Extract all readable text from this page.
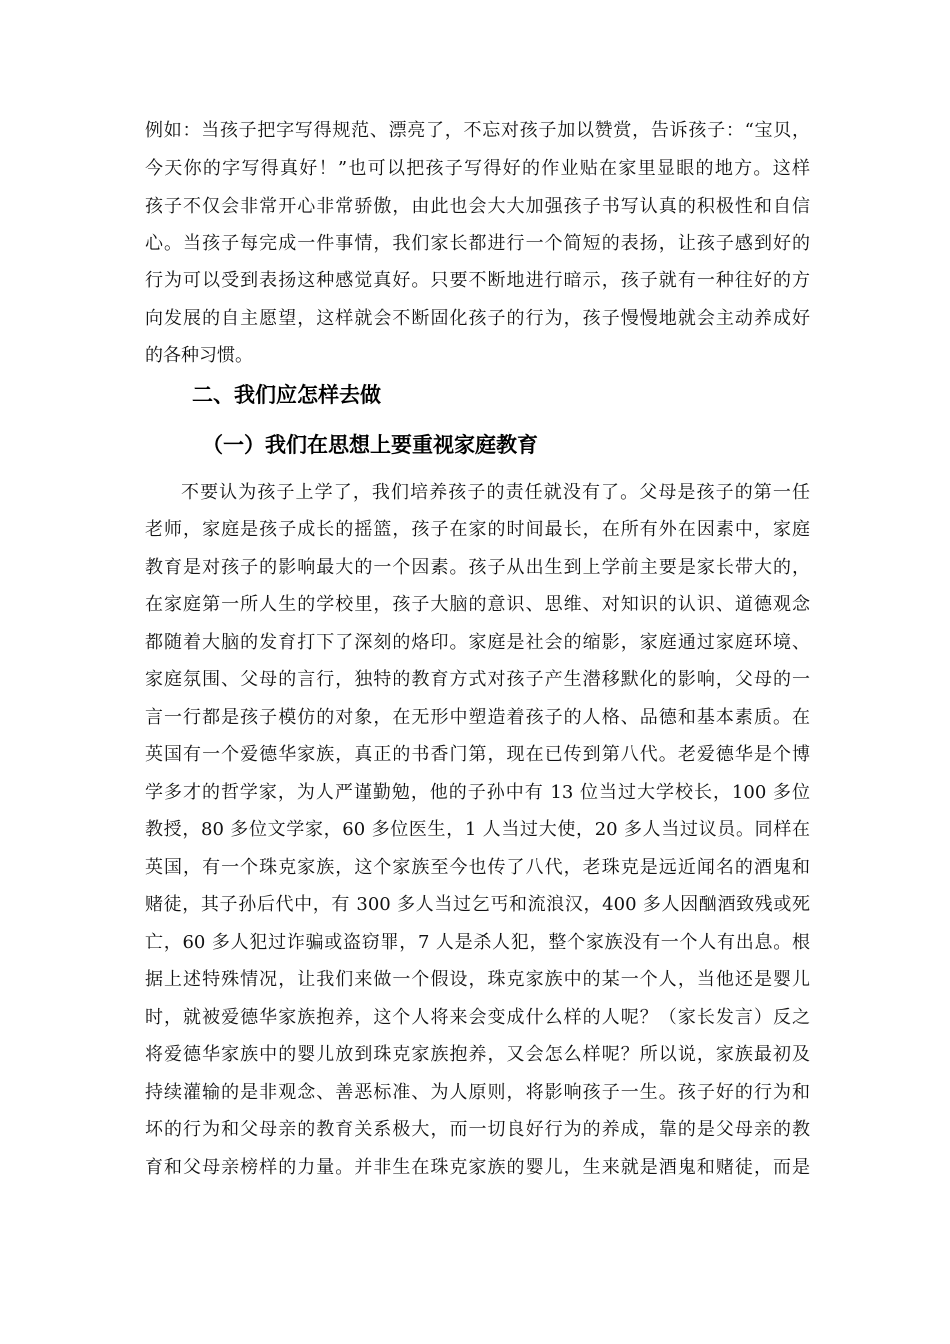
例如：当孩子把字写得规范、漂亮了，不忘对孩子加以赞赏，告诉孩子：“宝贝，
今天你的字写得真好！”也可以把孩子写得好的作业贴在家里显眼的地方。这样
孩子不仅会非常开心非常骄傲，由此也会大大加强孩子书写认真的积极性和自信
心。当孩子每完成一件事情，我们家长都进行一个简短的表扬，让孩子感到好的
行为可以受到表扬这种感觉真好。只要不断地进行暗示，孩子就有一种往好的方
向发展的自主愿望，这样就会不断固化孩子的行为，孩子慢慢地就会主动养成好
的各种习惯。
二、我们应怎样去做
（一）我们在思想上要重视家庭教育
不要认为孩子上学了，我们培养孩子的责任就没有了。父母是孩子的第一任
老师，家庭是孩子成长的摇篮，孩子在家的时间最长，在所有外在因素中，家庭
教育是对孩子的影响最大的一个因素。孩子从出生到上学前主要是家长带大的，
在家庭第一所人生的学校里，孩子大脑的意识、思维、对知识的认识、道德观念
都随着大脑的发育打下了深刻的烙印。家庭是社会的缩影，家庭通过家庭环境、
家庭氛围、父母的言行，独特的教育方式对孩子产生潜移默化的影响，父母的一
言一行都是孩子模仿的对象，在无形中塑造着孩子的人格、品德和基本素质。在
英国有一个爱德华家族，真正的书香门第，现在已传到第八代。老爱德华是个博
学多才的哲学家，为人严谨勤勉，他的子孙中有 13 位当过大学校长，100 多位
教授，80 多位文学家，60 多位医生，1 人当过大使，20 多人当过议员。同样在
英国，有一个珠克家族，这个家族至今也传了八代，老珠克是远近闻名的酒鬼和
赌徒，其子孙后代中，有 300 多人当过乞丐和流浪汉，400 多人因酗酒致残或死
亡，60 多人犯过诈骗或盗窃罪，7 人是杀人犯，整个家族没有一个人有出息。根
据上述特殊情况，让我们来做一个假设，珠克家族中的某一个人，当他还是婴儿
时，就被爱德华家族抱养，这个人将来会变成什么样的人呢？（家长发言）反之
将爱德华家族中的婴儿放到珠克家族抱养，又会怎么样呢？所以说，家族最初及
持续灌输的是非观念、善恶标准、为人原则，将影响孩子一生。孩子好的行为和
坏的行为和父母亲的教育关系极大，而一切良好行为的养成，靠的是父母亲的教
育和父母亲榜样的力量。并非生在珠克家族的婴儿，生来就是酒鬼和赌徒，而是
